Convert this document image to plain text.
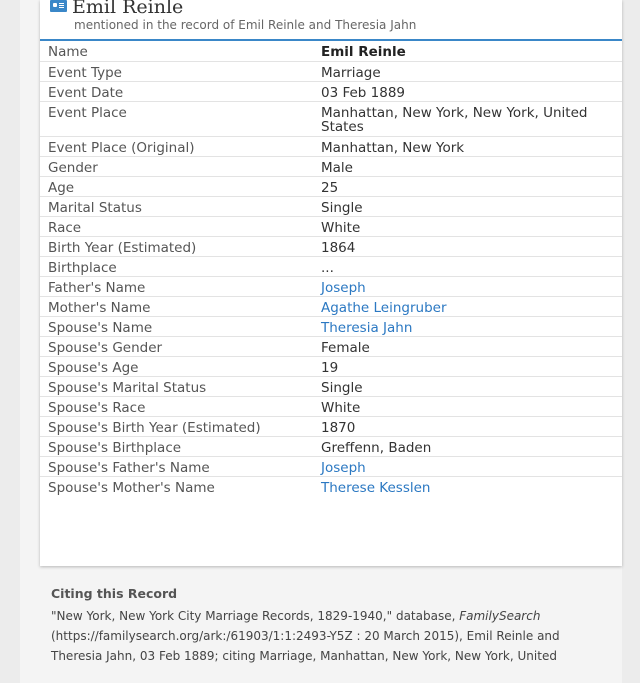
Emil Reinle
mentioned in the record of Emil Reinle and Theresia Jahn
Name	Emil Reinle
Event Type	Marriage
Event Date	03 Feb 1889
Event Place	Manhattan, New York, New York, United States
Event Place (Original)	Manhattan, New York
Gender	Male
Age	25
Marital Status	Single
Race	White
Birth Year (Estimated)	1864
Birthplace	...
Father's Name	Joseph
Mother's Name	Agathe Leingruber
Spouse's Name	Theresia Jahn
Spouse's Gender	Female
Spouse's Age	19
Spouse's Marital Status	Single
Spouse's Race	White
Spouse's Birth Year (Estimated)	1870
Spouse's Birthplace	Greffenn, Baden
Spouse's Father's Name	Joseph
Spouse's Mother's Name	Therese Kesslen
Citing this Record

"New York, New York City Marriage Records, 1829-1940," database, FamilySearch (https://familysearch.org/ark:/61903/1:1:2493-Y5Z : 20 March 2015), Emil Reinle and Theresia Jahn, 03 Feb 1889; citing Marriage, Manhattan, New York, New York, United
